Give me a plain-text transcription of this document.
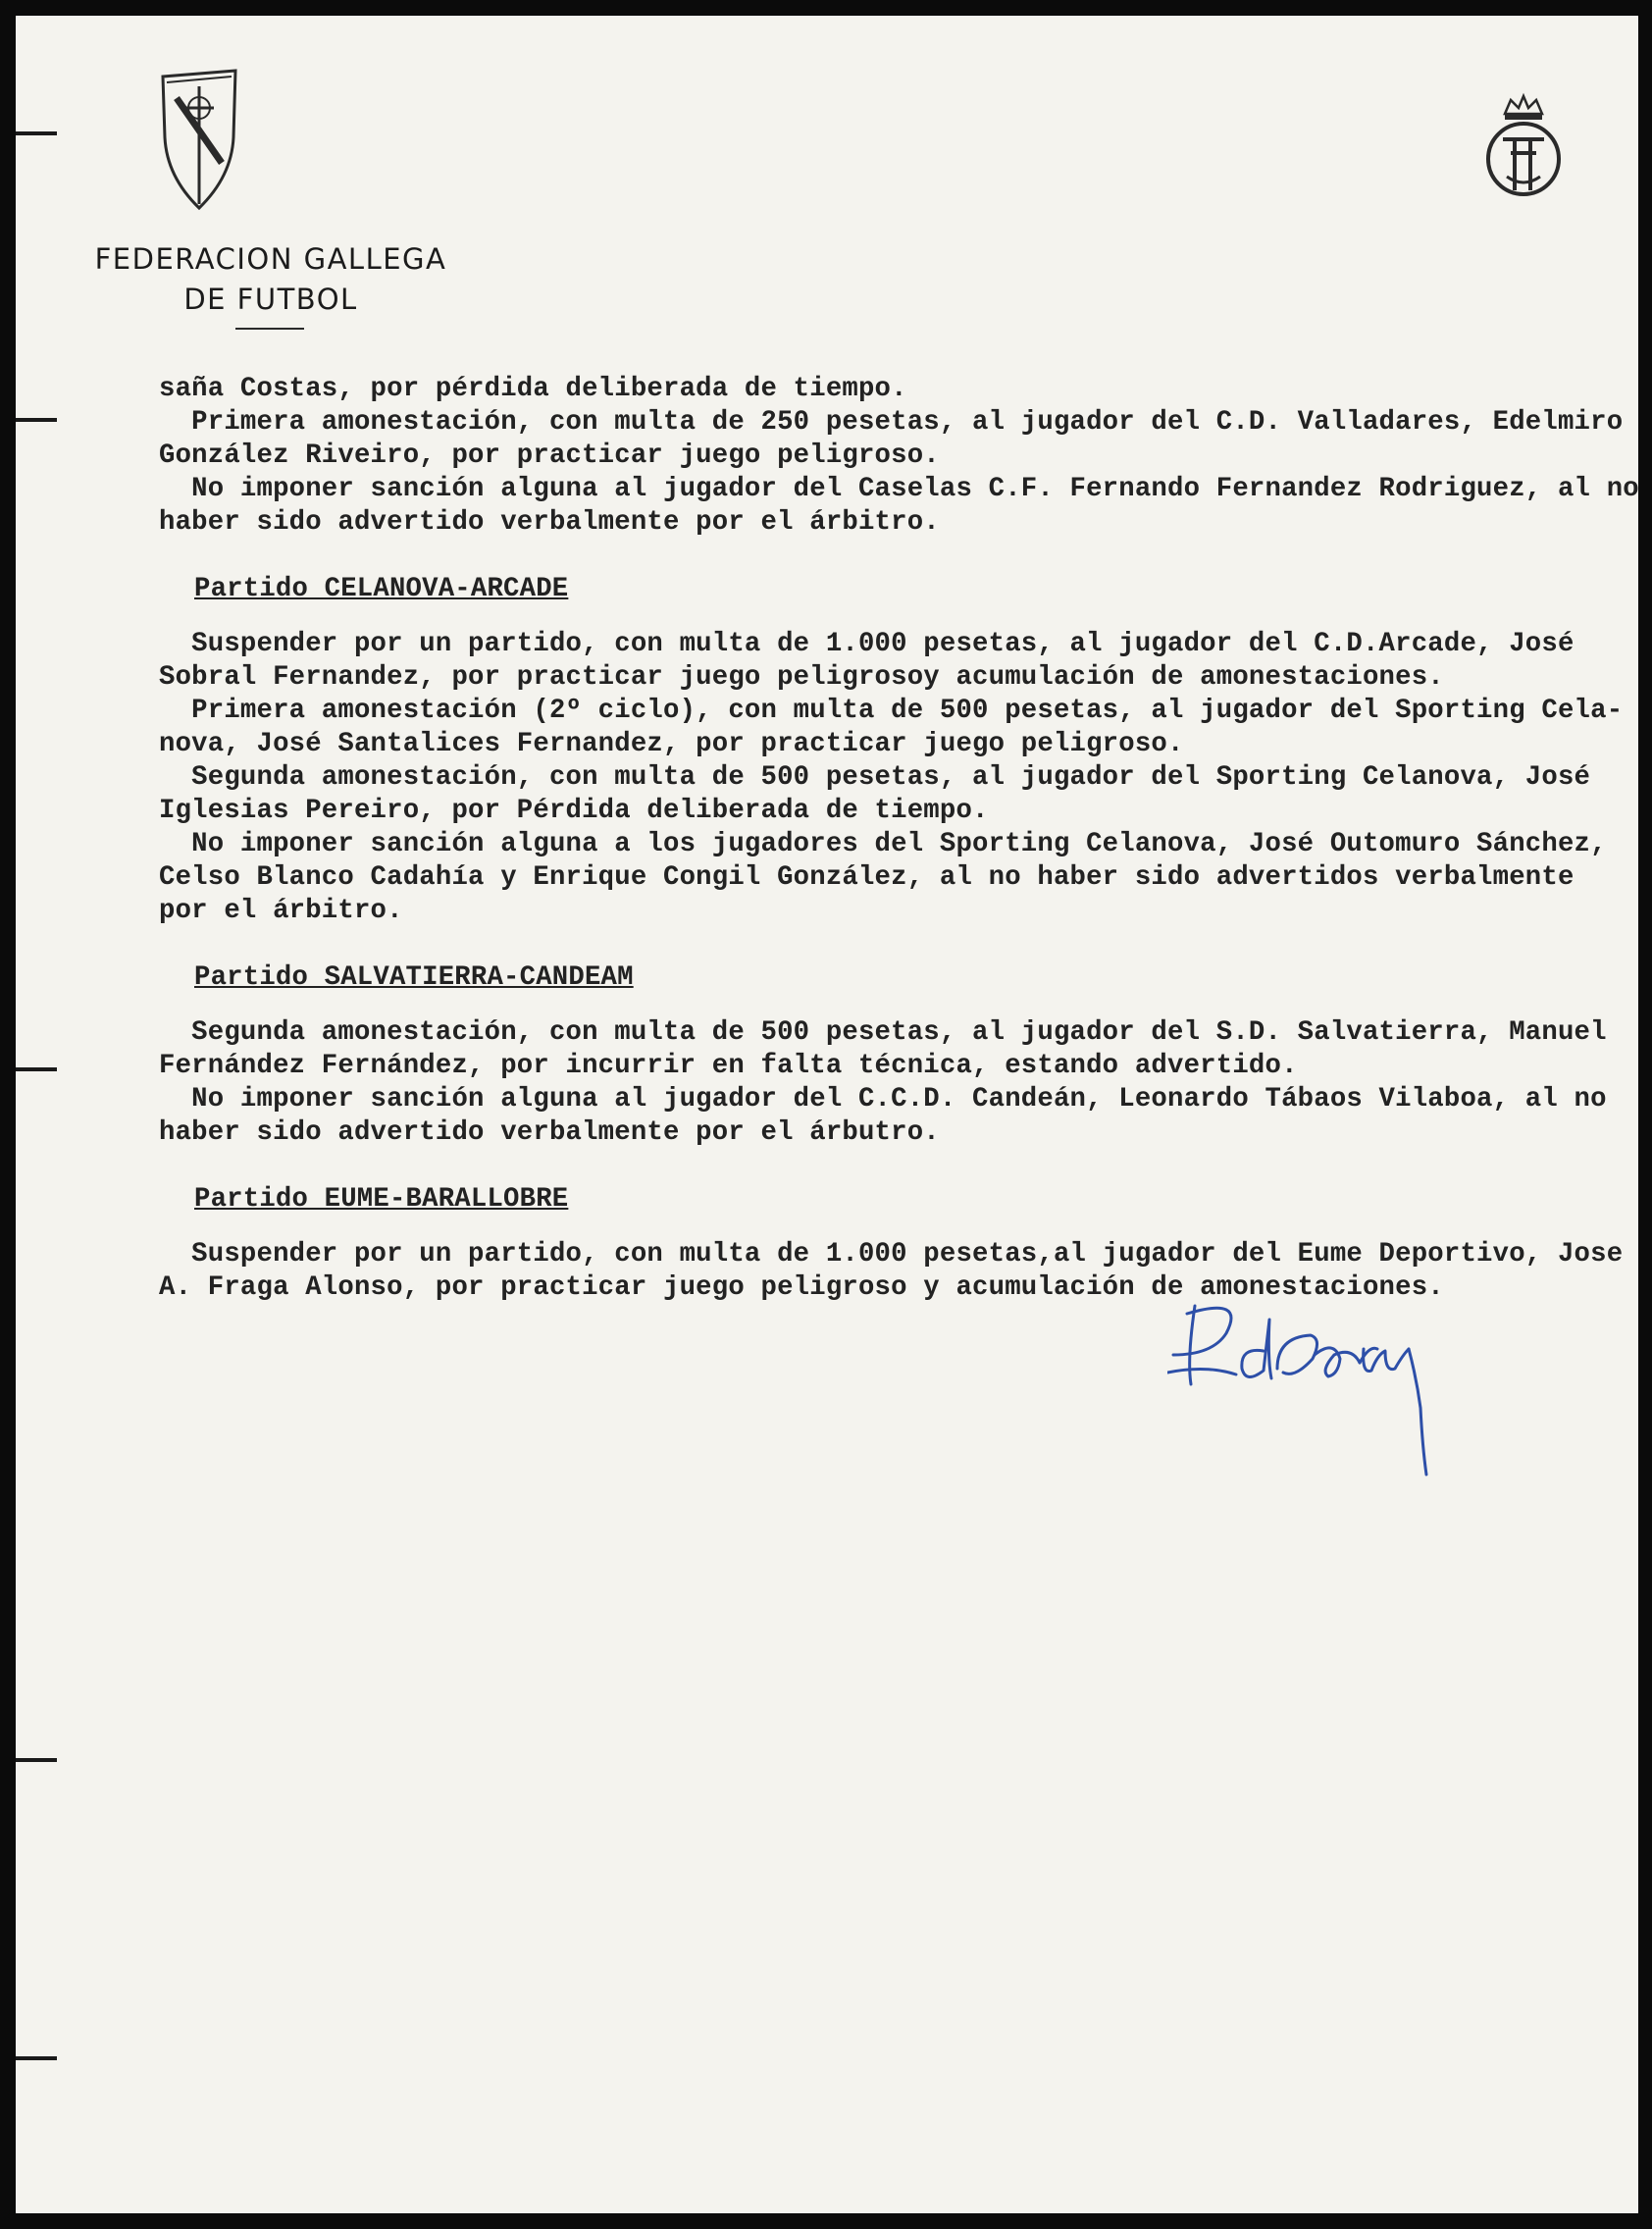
FEDERACION GALLEGA
DE FUTBOL
saña Costas, por pérdida deliberada de tiempo.
Primera amonestación, con multa de 250 pesetas, al jugador del C.D. Valladares, Edelmiro
González Riveiro, por practicar juego peligroso.
No imponer sanción alguna al jugador del Caselas C.F. Fernando Fernandez Rodriguez, al no
haber sido advertido verbalmente por el árbitro.
Partido CELANOVA-ARCADE
Suspender por un partido, con multa de 1.000 pesetas, al jugador del C.D.Arcade, José
Sobral Fernandez, por practicar juego peligrosoy acumulación de amonestaciones.
Primera amonestación (2º ciclo), con multa de 500 pesetas, al jugador del Sporting Cela-
nova, José Santalices Fernandez, por practicar juego peligroso.
Segunda amonestación, con multa de 500 pesetas, al jugador del Sporting Celanova, José
Iglesias Pereiro, por Pérdida deliberada de tiempo.
No imponer sanción alguna a los jugadores del Sporting Celanova, José Outomuro Sánchez,
Celso Blanco Cadahía y Enrique Congil González, al no haber sido advertidos verbalmente
por el árbitro.
Partido SALVATIERRA-CANDEAM
Segunda amonestación, con multa de 500 pesetas, al jugador del S.D. Salvatierra, Manuel
Fernández Fernández, por incurrir en falta técnica, estando advertido.
No imponer sanción alguna al jugador del C.C.D. Candeán, Leonardo Tábaos Vilaboa, al no
haber sido advertido verbalmente por el árbutro.
Partido EUME-BARALLOBRE
Suspender por un partido, con multa de 1.000 pesetas,al jugador del Eume Deportivo, Jose
A. Fraga Alonso, por practicar juego peligroso y acumulación de amonestaciones.
